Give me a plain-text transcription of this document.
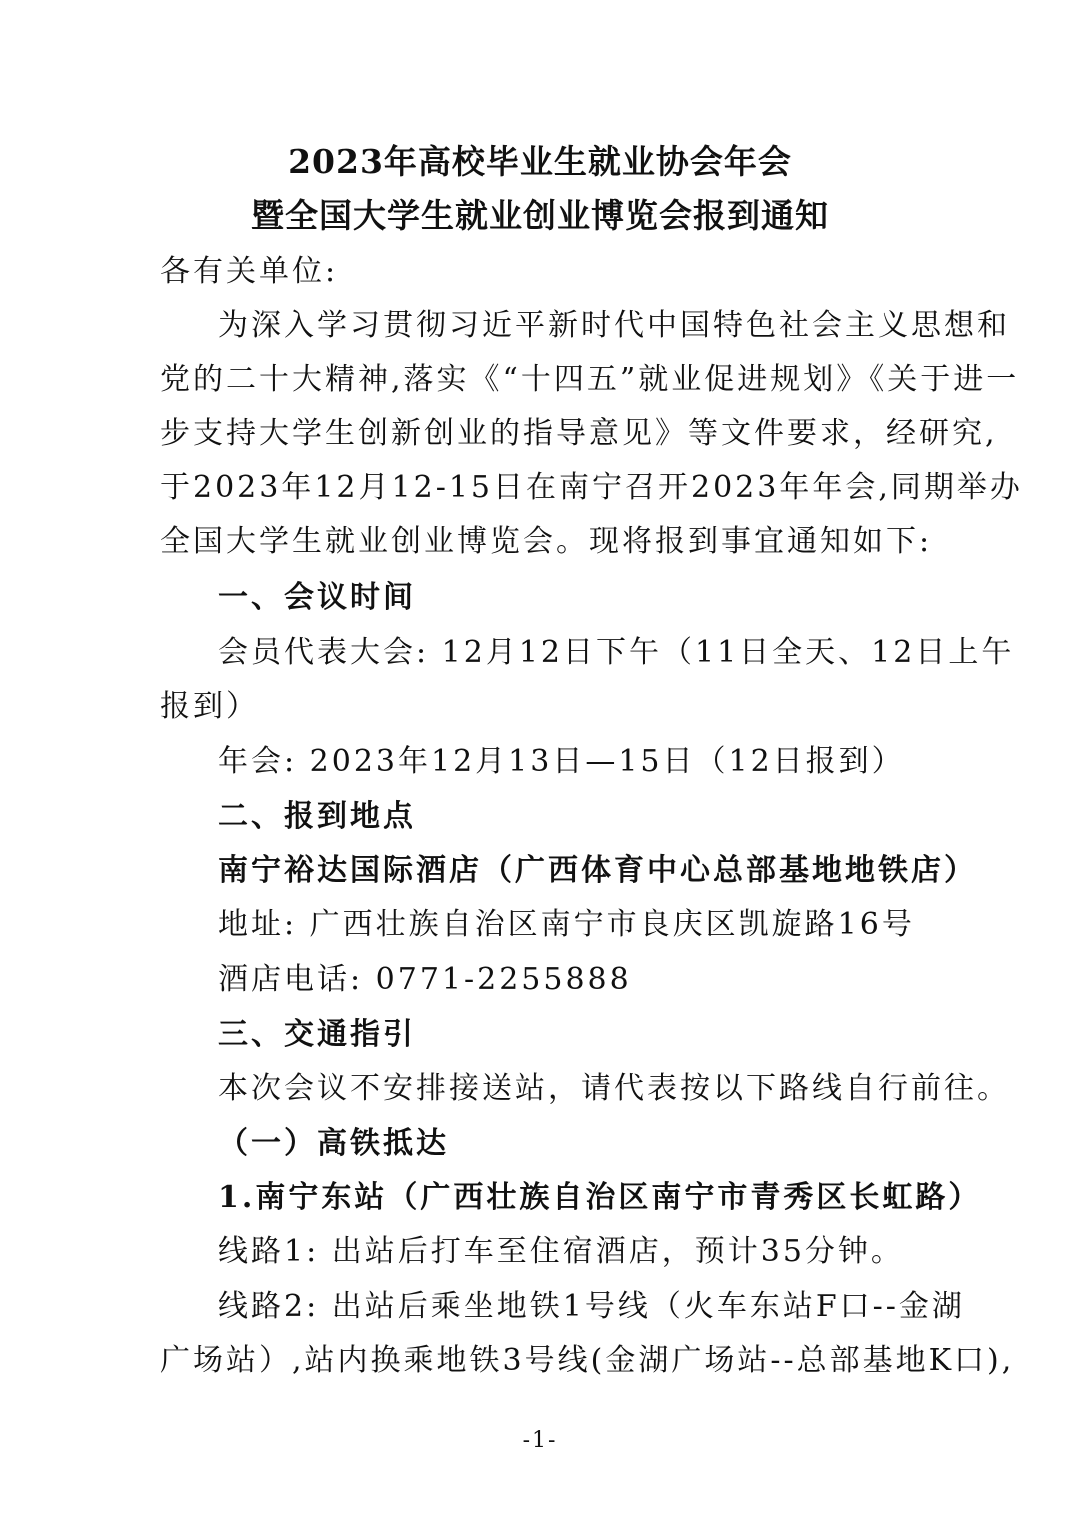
2023年高校毕业生就业协会年会
暨全国大学生就业创业博览会报到通知
各有关单位:
为深入学习贯彻习近平新时代中国特色社会主义思想和
党的二十大精神,落实《“十四五”就业促进规划》《关于进一
步支持大学生创新创业的指导意见》等文件要求，经研究,
于2023年12月12-15日在南宁召开2023年年会,同期举办
全国大学生就业创业博览会。现将报到事宜通知如下:
一、会议时间
会员代表大会: 12月12日下午（11日全天、12日上午
报到）
年会: 2023年12月13日—15日（12日报到）
二、报到地点
南宁裕达国际酒店（广西体育中心总部基地地铁店）
地址: 广西壮族自治区南宁市良庆区凯旋路16号
酒店电话: 0771-2255888
三、交通指引
本次会议不安排接送站，请代表按以下路线自行前往。
（一）高铁抵达
1.南宁东站（广西壮族自治区南宁市青秀区长虹路）
线路1: 出站后打车至住宿酒店，预计35分钟。
线路2: 出站后乘坐地铁1号线（火车东站F口--金湖
广场站）,站内换乘地铁3号线(金湖广场站--总部基地K口),
-1-
